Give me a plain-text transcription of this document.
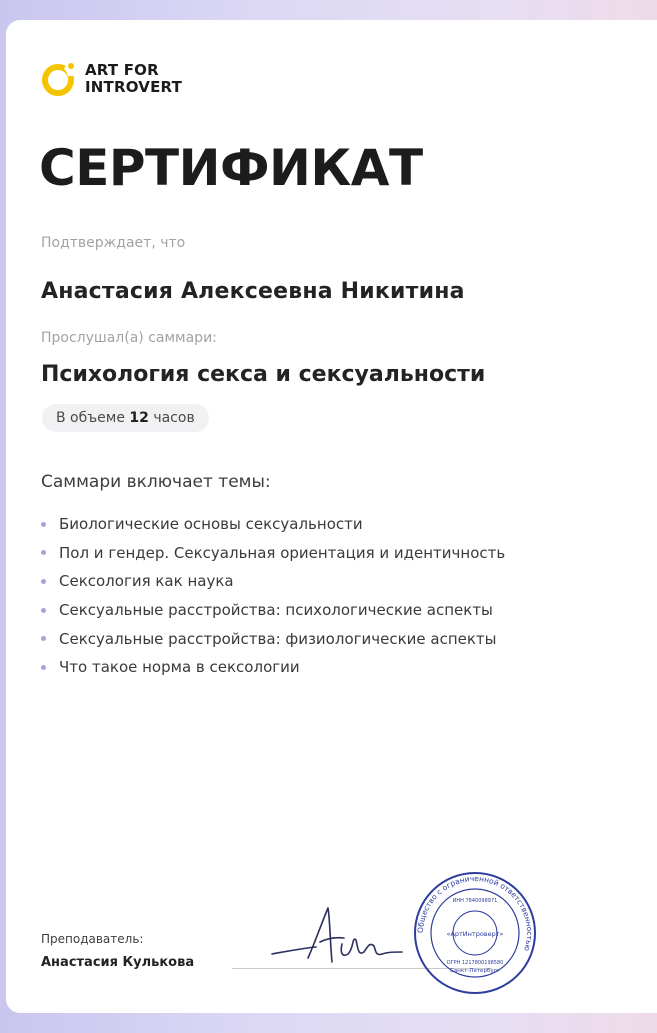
ART FOR
INTROVERT
СЕРТИФИКАТ
Подтверждает, что
Анастасия Алексеевна Никитина
Прослушал(а) саммари:
Психология секса и сексуальности
В объеме 12 часов
Саммари включает темы:
Биологические основы сексуальности
Пол и гендер. Сексуальная ориентация и идентичность
Сексология как наука
Сексуальные расстройства: психологические аспекты
Сексуальные расстройства: физиологические аспекты
Что такое норма в сексологии
Преподаватель:
Анастасия Кулькова
Общество с ограниченной ответственностью
«АртИнтроверт»
ИНН 7840098971
ОГРН 1217800198580
Санкт-Петербург
